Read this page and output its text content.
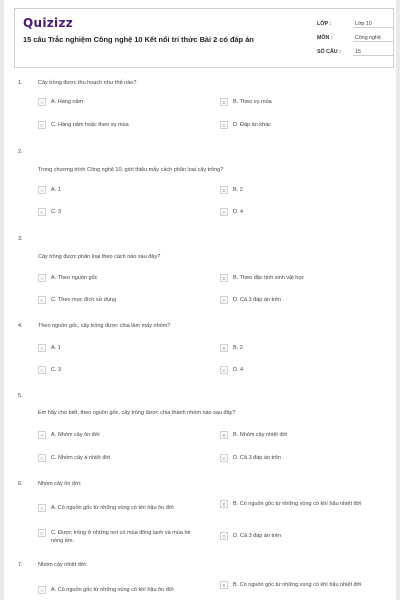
Quizizz
15 câu Trắc nghiệm Công nghệ 10 Kết nối tri thức Bài 2 có đáp án
LỚP :	Lớp 10
MÔN :	Công nghệ
SỐ CÂU :	15
1.	Cây trồng được thu hoạch như thế nào?
A	A. Hàng năm	B	B. Theo vụ mùa
C	C. Hàng năm hoặc theo vụ mùa	D	D. Đáp án khác
2.
Trong chương trình Công nghệ 10, giới thiệu mấy cách phân loại cây trồng?
A	A. 1	B	B. 2
C	C. 3	D	D. 4
3.
Cây trồng được phân loại theo cách nào sau đây?
A	A. Theo nguồn gốc	B	B. Theo đặc tính sinh vật học
C	C. Theo mục đích sử dụng	D	D. Cả 3 đáp án trên
4.	Theo nguồn gốc, cây trồng được chia làm mấy nhóm?
A	A. 1	B	B. 2
C	C. 3	D	D. 4
5.
Em hãy cho biết, theo nguồn gốc, cây trồng được chia thành nhóm nào sau đây?
A	A. Nhóm cây ôn đới	B	B. Nhóm cây nhiệt đới
C	C. Nhóm cây á nhiệt đới	D	D. Cả 3 đáp án trên
6.	Nhóm cây ôn đới:
A	A. Có nguồn gốc từ những vùng có khí hậu ôn đới
B	B. Có nguồn gốc từ những vùng có khí hậu nhiệt đới
C	C. Được trồng ở những nơi có mùa đông lạnh và mùa hè nóng ấm.
D	D. Cả 3 đáp án trên
7.	Nhóm cây nhiệt đới:
A	A. Có nguồn gốc từ những vùng có khí hậu ôn đới
B	B. Có nguồn gốc từ những vùng có khí hậu nhiệt đới
